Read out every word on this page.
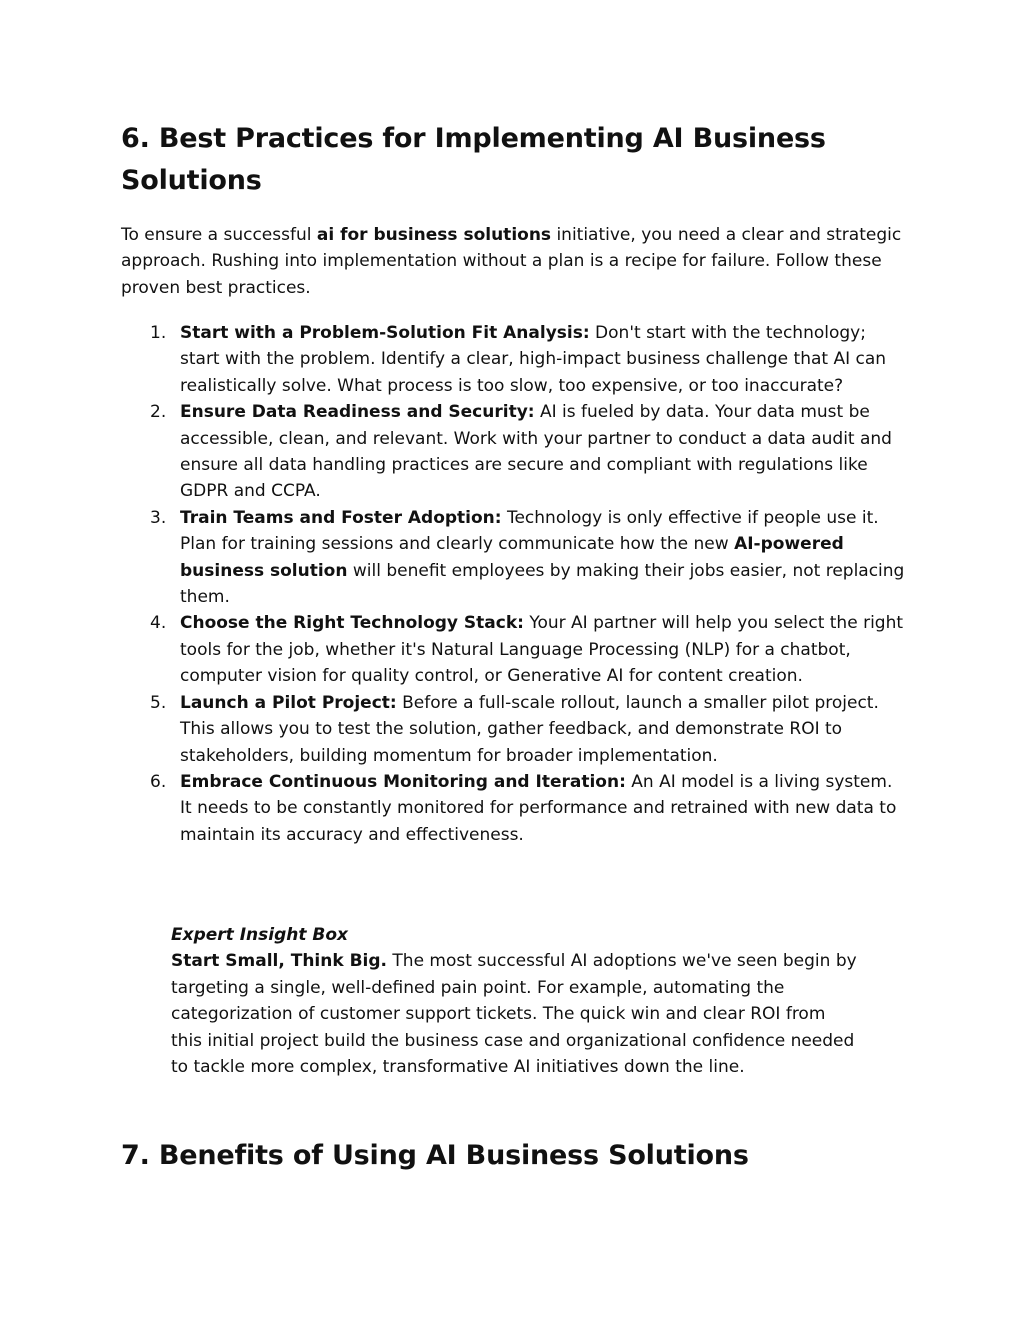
6. Best Practices for Implementing AI Business Solutions

To ensure a successful ai for business solutions initiative, you need a clear and strategic approach. Rushing into implementation without a plan is a recipe for failure. Follow these proven best practices.

1. Start with a Problem-Solution Fit Analysis: Don't start with the technology; start with the problem. Identify a clear, high-impact business challenge that AI can realistically solve. What process is too slow, too expensive, or too inaccurate?
2. Ensure Data Readiness and Security: AI is fueled by data. Your data must be accessible, clean, and relevant. Work with your partner to conduct a data audit and ensure all data handling practices are secure and compliant with regulations like GDPR and CCPA.
3. Train Teams and Foster Adoption: Technology is only effective if people use it. Plan for training sessions and clearly communicate how the new AI-powered business solution will benefit employees by making their jobs easier, not replacing them.
4. Choose the Right Technology Stack: Your AI partner will help you select the right tools for the job, whether it's Natural Language Processing (NLP) for a chatbot, computer vision for quality control, or Generative AI for content creation.
5. Launch a Pilot Project: Before a full-scale rollout, launch a smaller pilot project. This allows you to test the solution, gather feedback, and demonstrate ROI to stakeholders, building momentum for broader implementation.
6. Embrace Continuous Monitoring and Iteration: An AI model is a living system. It needs to be constantly monitored for performance and retrained with new data to maintain its accuracy and effectiveness.
Expert Insight Box
Start Small, Think Big. The most successful AI adoptions we've seen begin by targeting a single, well-defined pain point. For example, automating the categorization of customer support tickets. The quick win and clear ROI from this initial project build the business case and organizational confidence needed to tackle more complex, transformative AI initiatives down the line.
7. Benefits of Using AI Business Solutions
